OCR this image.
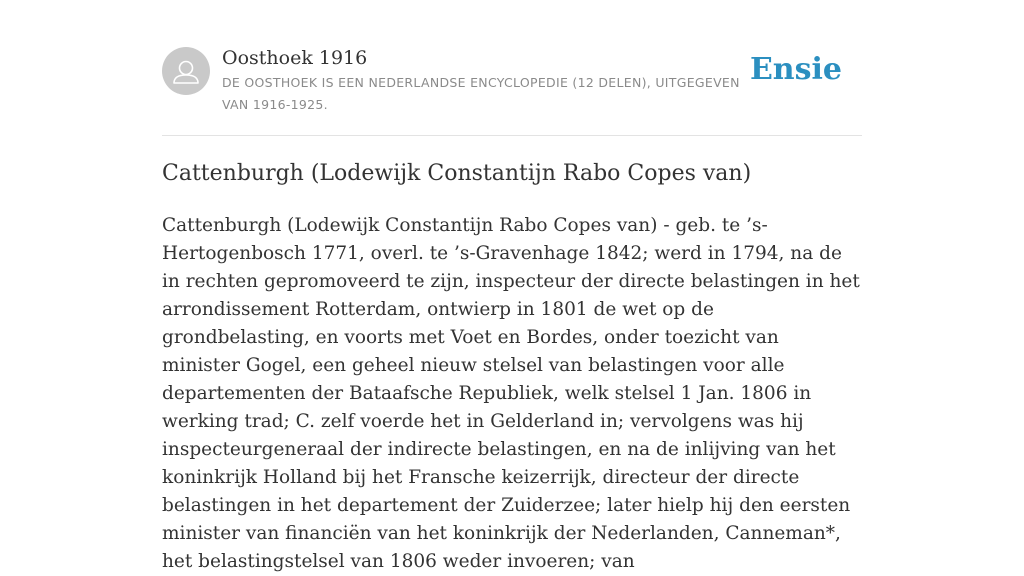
Oosthoek 1916
DE OOSTHOEK IS EEN NEDERLANDSE ENCYCLOPEDIE (12 DELEN), UITGEGEVEN VAN 1916-1925.
Ensie
Cattenburgh (Lodewijk Constantijn Rabo Copes van)

Cattenburgh (Lodewijk Constantijn Rabo Copes van) - geb. te ’s-Hertogenbosch 1771, overl. te ’s-Gravenhage 1842; werd in 1794, na de in rechten gepromoveerd te zijn, inspecteur der directe belastingen in het arrondissement Rotterdam, ontwierp in 1801 de wet op de grondbelasting, en voorts met Voet en Bordes, onder toezicht van minister Gogel, een geheel nieuw stelsel van belastingen voor alle departementen der Bataafsche Republiek, welk stelsel 1 Jan. 1806 in werking trad; C. zelf voerde het in Gelderland in; vervolgens was hij inspecteurgeneraal der indirecte belastingen, en na de inlijving van het koninkrijk Holland bij het Fransche keizerrijk, directeur der directe belastingen in het departement der Zuiderzee; later hielp hij den eersten minister van financiën van het koninkrijk der Nederlanden, Canneman*, het belastingstelsel van 1806 weder invoeren; van
